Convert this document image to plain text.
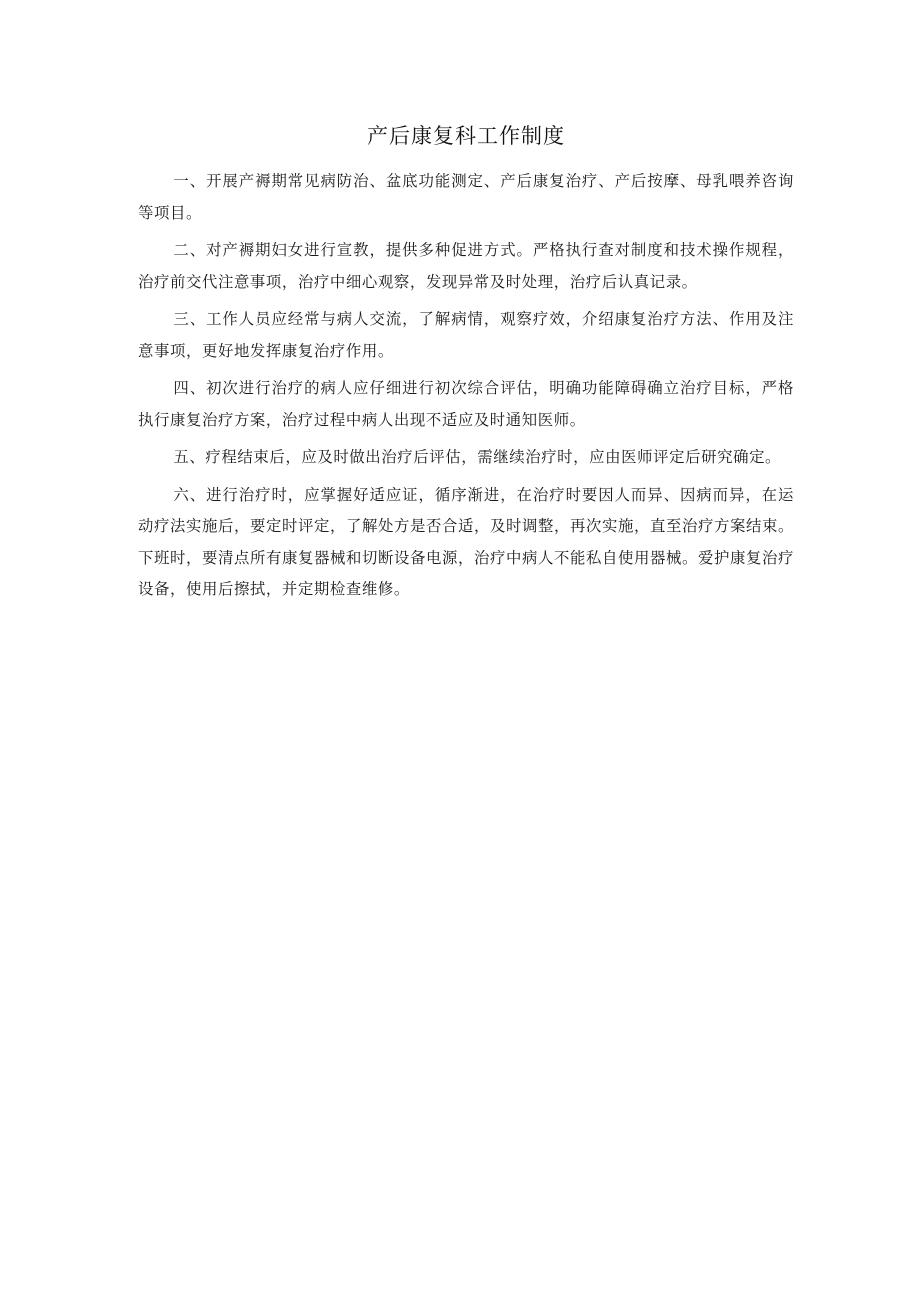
产后康复科工作制度

一、开展产褥期常见病防治、盆底功能测定、产后康复治疗、产后按摩、母乳喂养咨询等项目。

二、对产褥期妇女进行宣教，提供多种促进方式。严格执行查对制度和技术操作规程，治疗前交代注意事项，治疗中细心观察，发现异常及时处理，治疗后认真记录。

三、工作人员应经常与病人交流，了解病情，观察疗效，介绍康复治疗方法、作用及注意事项，更好地发挥康复治疗作用。

四、初次进行治疗的病人应仔细进行初次综合评估，明确功能障碍确立治疗目标，严格执行康复治疗方案，治疗过程中病人出现不适应及时通知医师。

五、疗程结束后，应及时做出治疗后评估，需继续治疗时，应由医师评定后研究确定。

六、进行治疗时，应掌握好适应证，循序渐进，在治疗时要因人而异、因病而异，在运动疗法实施后，要定时评定，了解处方是否合适，及时调整，再次实施，直至治疗方案结束。下班时，要清点所有康复器械和切断设备电源，治疗中病人不能私自使用器械。爱护康复治疗设备，使用后擦拭，并定期检查维修。
